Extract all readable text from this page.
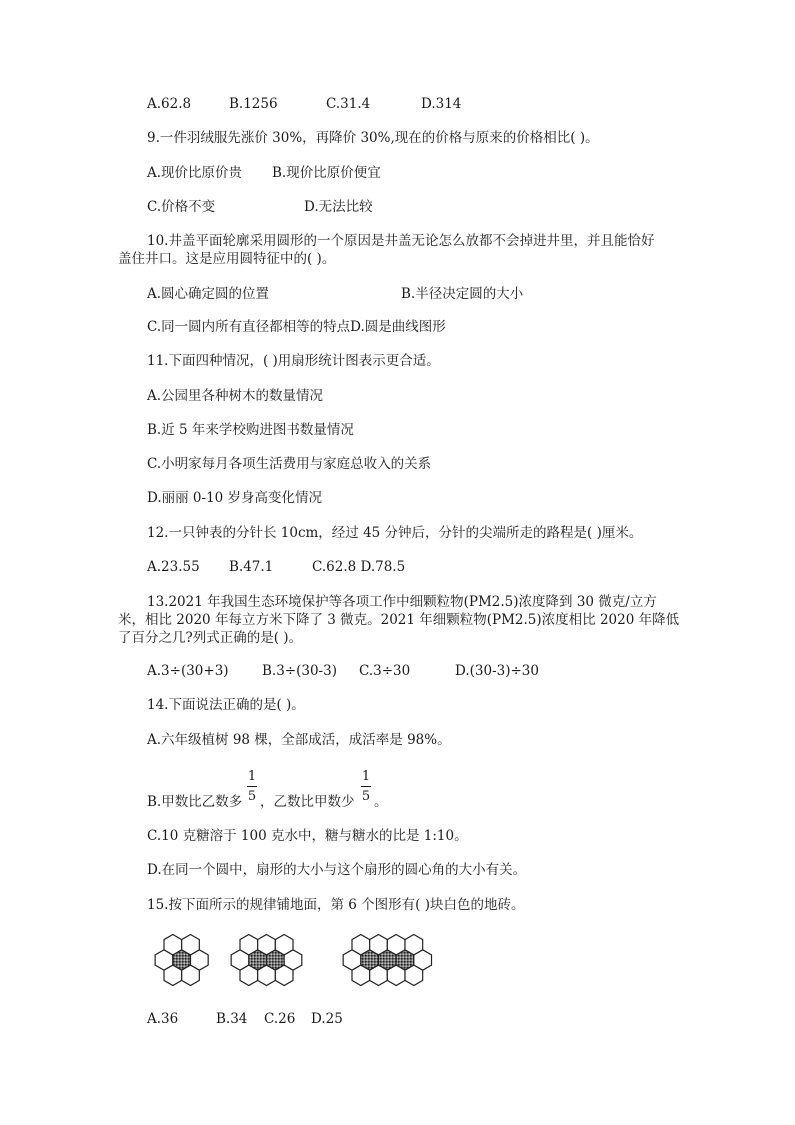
A.62.8	B.1256	C.31.4	D.314
9.一件羽绒服先涨价 30%，再降价 30%,现在的价格与原来的价格相比( )。
A.现价比原价贵 B.现价比原价便宜
C.价格不变	D.无法比较
10.井盖平面轮廓采用圆形的一个原因是井盖无论怎么放都不会掉进井里，并且能恰好
盖住井口。这是应用圆特征中的( )。
A.圆心确定圆的位置	B.半径决定圆的大小
C.同一圆内所有直径都相等的特点D.圆是曲线图形
11.下面四种情况，( )用扇形统计图表示更合适。
A.公园里各种树木的数量情况
B.近 5 年来学校购进图书数量情况
C.小明家每月各项生活费用与家庭总收入的关系
D.丽丽 0-10 岁身高变化情况
12.一只钟表的分针长 10cm，经过 45 分钟后，分针的尖端所走的路程是( )厘米。
A.23.55 B.47.1	C.62.8 D.78.5
13.2021 年我国生态环境保护等各项工作中细颗粒物(PM2.5)浓度降到 30 微克/立方
米，相比 2020 年每立方米下降了 3 微克。2021 年细颗粒物(PM2.5)浓度相比 2020 年降低
了百分之几?列式正确的是( )。
A.3÷(30+3) B.3÷(30-3) C.3÷30	D.(30-3)÷30
14.下面说法正确的是( )。
A.六年级植树 98 棵，全部成活，成活率是 98%。
B.甲数比乙数多
1
5 ，乙数比甲数少
1
5 。
C.10 克糖溶于 100 克水中，糖与糖水的比是 1:10。
D.在同一个圆中，扇形的大小与这个扇形的圆心角的大小有关。
15.按下面所示的规律铺地面，第 6 个图形有( )块白色的地砖。
A.36	B.34 C.26 D.25
